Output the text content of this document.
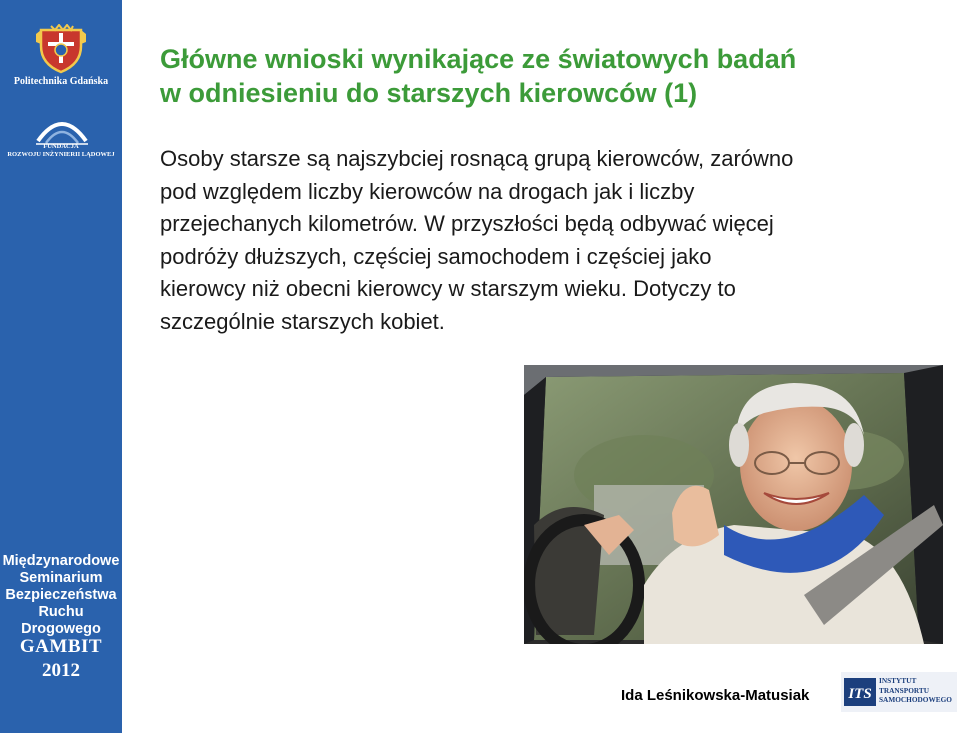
Politechnika Gdańska
FUNDACJA
ROZWOJU INŻYNIERII LĄDOWEJ
Międzynarodowe
Seminarium
Bezpieczeństwa
Ruchu Drogowego
GAMBIT
2012
Główne wnioski wynikające ze światowych badań
w odniesieniu do starszych kierowców (1)
Osoby starsze są najszybciej rosnącą grupą kierowców, zarówno
pod względem liczby kierowców na drogach jak i liczby
przejechanych kilometrów. W przyszłości będą odbywać więcej
podróży dłuższych, częściej samochodem i częściej jako
kierowcy niż obecni kierowcy w starszym wieku. Dotyczy to
szczególnie starszych kobiet.
Ida Leśnikowska-Matusiak	ITS
INSTYTUT
TRANSPORTU
SAMOCHODOWEGO
